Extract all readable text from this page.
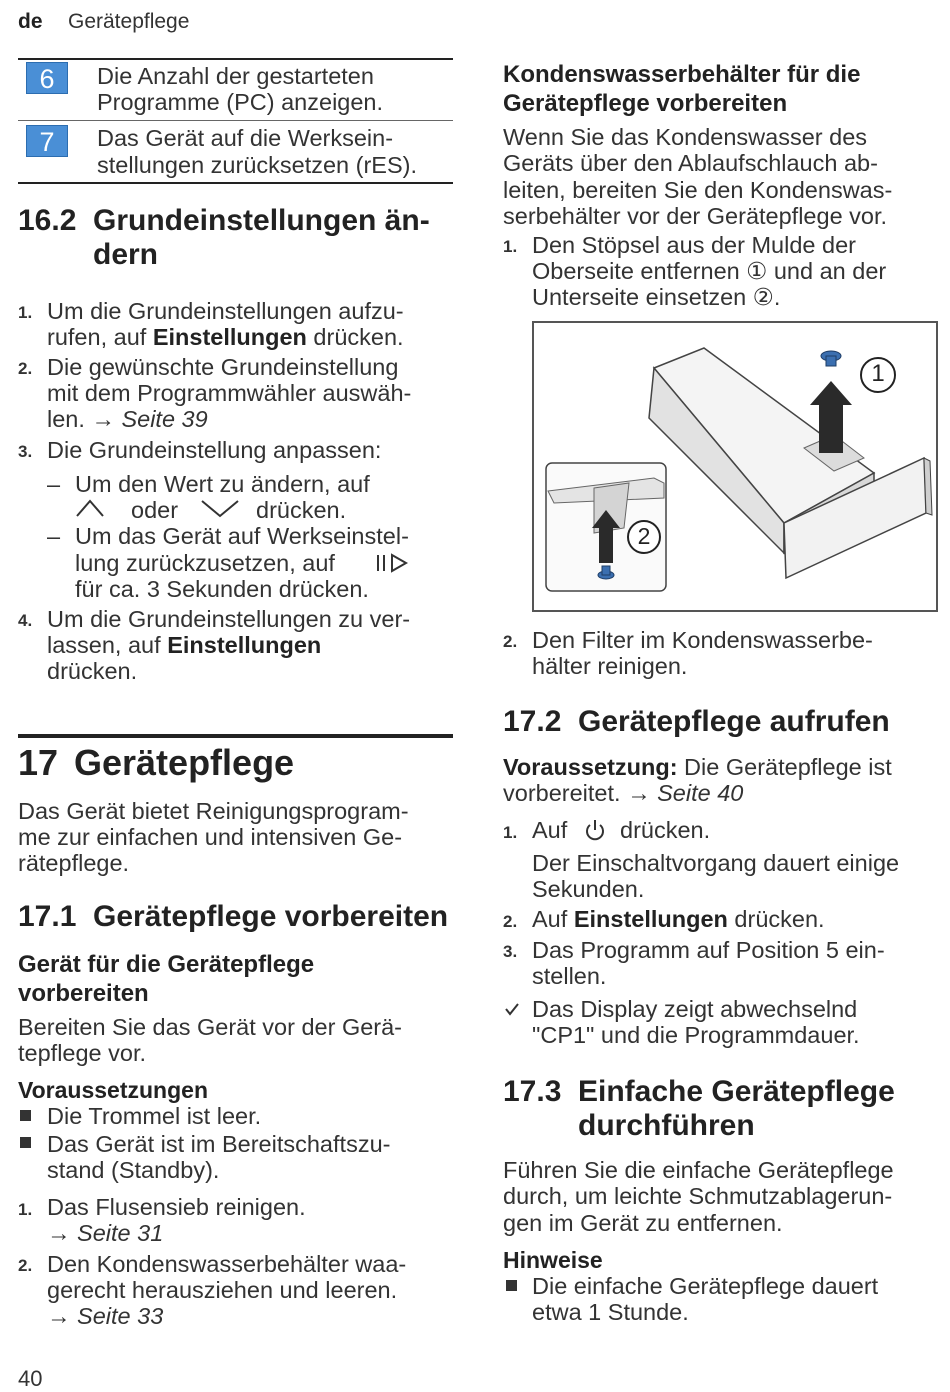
de Gerätepflege
6	Die Anzahl der gestarteten
Programme (PC) anzeigen.
7	Das Gerät auf die Werksein-
stellungen zurücksetzen (rES).
16.2 Grundeinstellungen än-
dern
1. Um die Grundeinstellungen aufzu-
rufen, auf Einstellungen drücken.
2. Die gewünschte Grundeinstellung
mit dem Programmwähler auswäh-
len. → Seite 39
3. Die Grundeinstellung anpassen:
– Um den Wert zu ändern, auf
oder	drücken.
– Um das Gerät auf Werkseinstel-
lung zurückzusetzen, auf
für ca. 3 Sekunden drücken.
4. Um die Grundeinstellungen zu ver-
lassen, auf Einstellungen
drücken.
17 Gerätepflege
Das Gerät bietet Reinigungsprogram-
me zur einfachen und intensiven Ge-
rätepflege.
17.1 Gerätepflege vorbereiten
Gerät für die Gerätepflege
vorbereiten
Bereiten Sie das Gerät vor der Gerä-
tepflege vor.
Voraussetzungen
Die Trommel ist leer.
Das Gerät ist im Bereitschaftszu-
stand (Standby).
1. Das Flusensieb reinigen.
→ Seite 31
2. Den Kondenswasserbehälter waa-
gerecht herausziehen und leeren.
→ Seite 33
Kondenswasserbehälter für die
Gerätepflege vorbereiten
Wenn Sie das Kondenswasser des
Geräts über den Ablaufschlauch ab-
leiten, bereiten Sie den Kondenswas-
serbehälter vor der Gerätepflege vor.
1. Den Stöpsel aus der Mulde der
Oberseite entfernen ① und an der
Unterseite einsetzen ②.
1
2
2. Den Filter im Kondenswasserbe-
hälter reinigen.
17.2 Gerätepflege aufrufen
Voraussetzung: Die Gerätepflege ist
vorbereitet. → Seite 40
1. Auf drücken.
Der Einschaltvorgang dauert einige
Sekunden.
2. Auf Einstellungen drücken.
3. Das Programm auf Position 5 ein-
stellen.
Das Display zeigt abwechselnd
"CP1" und die Programmdauer.
17.3 Einfache Gerätepflege
durchführen
Führen Sie die einfache Gerätepflege
durch, um leichte Schmutzablagerun-
gen im Gerät zu entfernen.
Hinweise
Die einfache Gerätepflege dauert
etwa 1 Stunde.
40
